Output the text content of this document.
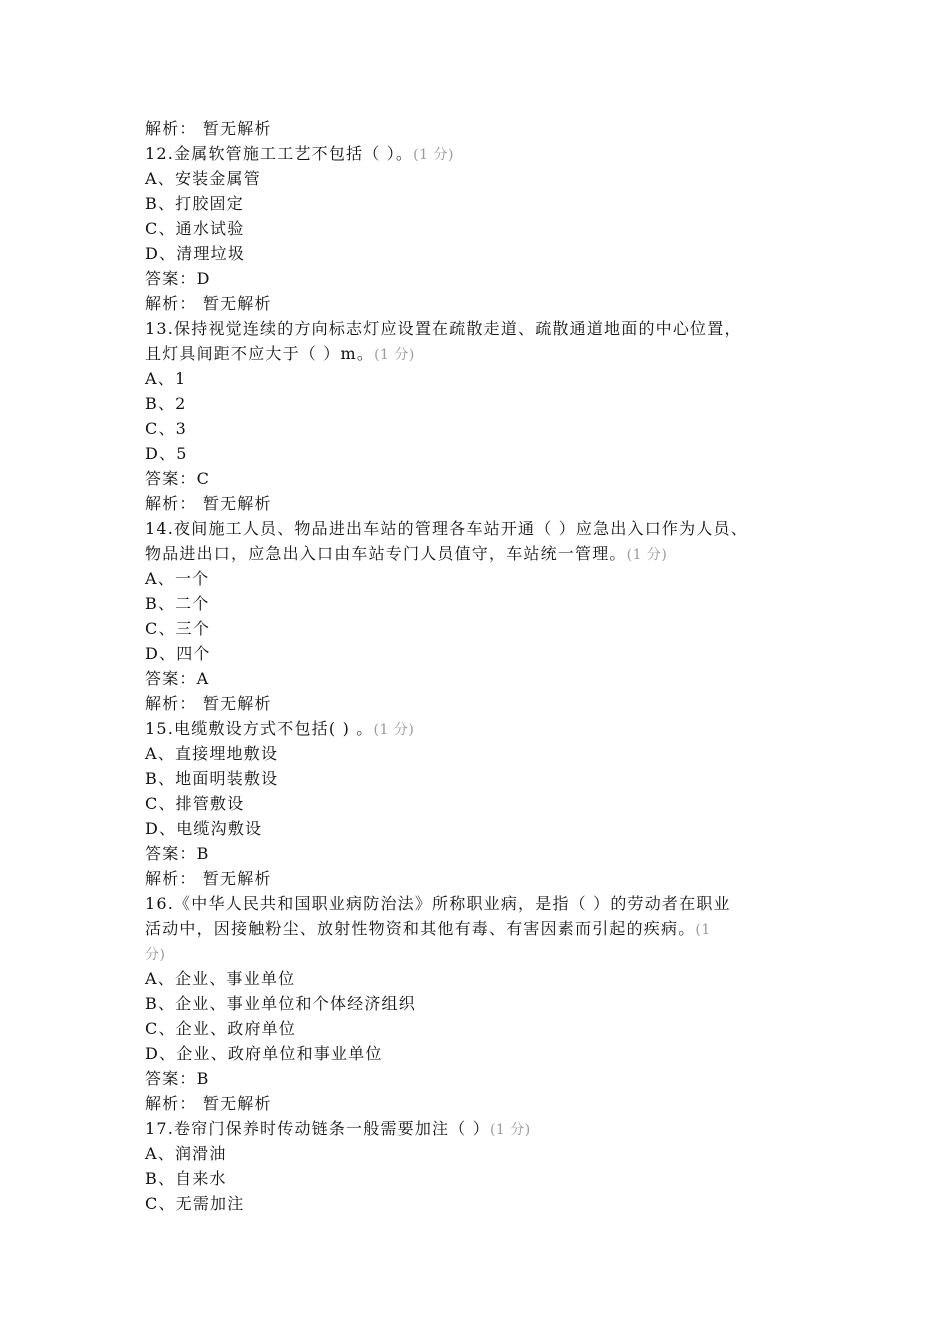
解析： 暂无解析
12.金属软管施工工艺不包括（ ）。(1 分)
A、安装金属管
B、打胶固定
C、通水试验
D、清理垃圾
答案：D
解析： 暂无解析
13.保持视觉连续的方向标志灯应设置在疏散走道、疏散通道地面的中心位置，
且灯具间距不应大于（ ）m。(1 分)
A、1
B、2
C、3
D、5
答案：C
解析： 暂无解析
14.夜间施工人员、物品进出车站的管理各车站开通（ ）应急出入口作为人员、
物品进出口，应急出入口由车站专门人员值守，车站统一管理。(1 分)
A、一个
B、二个
C、三个
D、四个
答案：A
解析： 暂无解析
15.电缆敷设方式不包括( ) 。(1 分)
A、直接埋地敷设
B、地面明装敷设
C、排管敷设
D、电缆沟敷设
答案：B
解析： 暂无解析
16.《中华人民共和国职业病防治法》所称职业病，是指（ ）的劳动者在职业
活动中，因接触粉尘、放射性物资和其他有毒、有害因素而引起的疾病。(1
分)
A、企业、事业单位
B、企业、事业单位和个体经济组织
C、企业、政府单位
D、企业、政府单位和事业单位
答案：B
解析： 暂无解析
17.卷帘门保养时传动链条一般需要加注（ ）(1 分)
A、润滑油
B、自来水
C、无需加注
